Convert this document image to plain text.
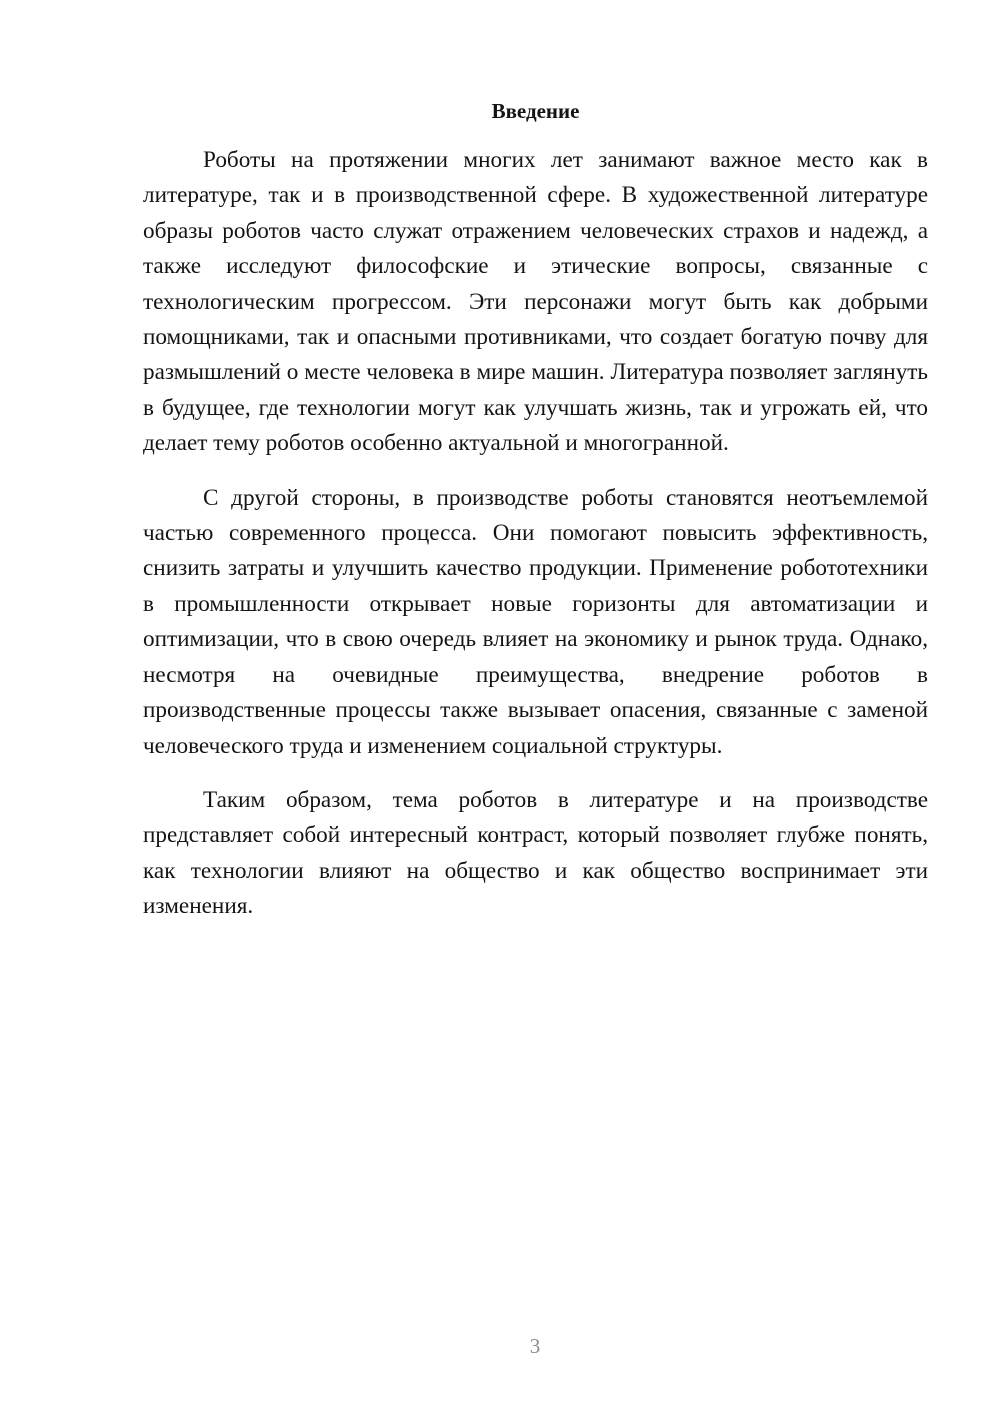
Введение

Роботы на протяжении многих лет занимают важное место как в литературе, так и в производственной сфере. В художественной литературе образы роботов часто служат отражением человеческих страхов и надежд, а также исследуют философские и этические вопросы, связанные с технологическим прогрессом. Эти персонажи могут быть как добрыми помощниками, так и опасными противниками, что создает богатую почву для размышлений о месте человека в мире машин. Литература позволяет заглянуть в будущее, где технологии могут как улучшать жизнь, так и угрожать ей, что делает тему роботов особенно актуальной и многогранной.

С другой стороны, в производстве роботы становятся неотъемлемой частью современного процесса. Они помогают повысить эффективность, снизить затраты и улучшить качество продукции. Применение робототехники в промышленности открывает новые горизонты для автоматизации и оптимизации, что в свою очередь влияет на экономику и рынок труда. Однако, несмотря на очевидные преимущества, внедрение роботов в производственные процессы также вызывает опасения, связанные с заменой человеческого труда и изменением социальной структуры.

Таким образом, тема роботов в литературе и на производстве представляет собой интересный контраст, который позволяет глубже понять, как технологии влияют на общество и как общество воспринимает эти изменения.

3
